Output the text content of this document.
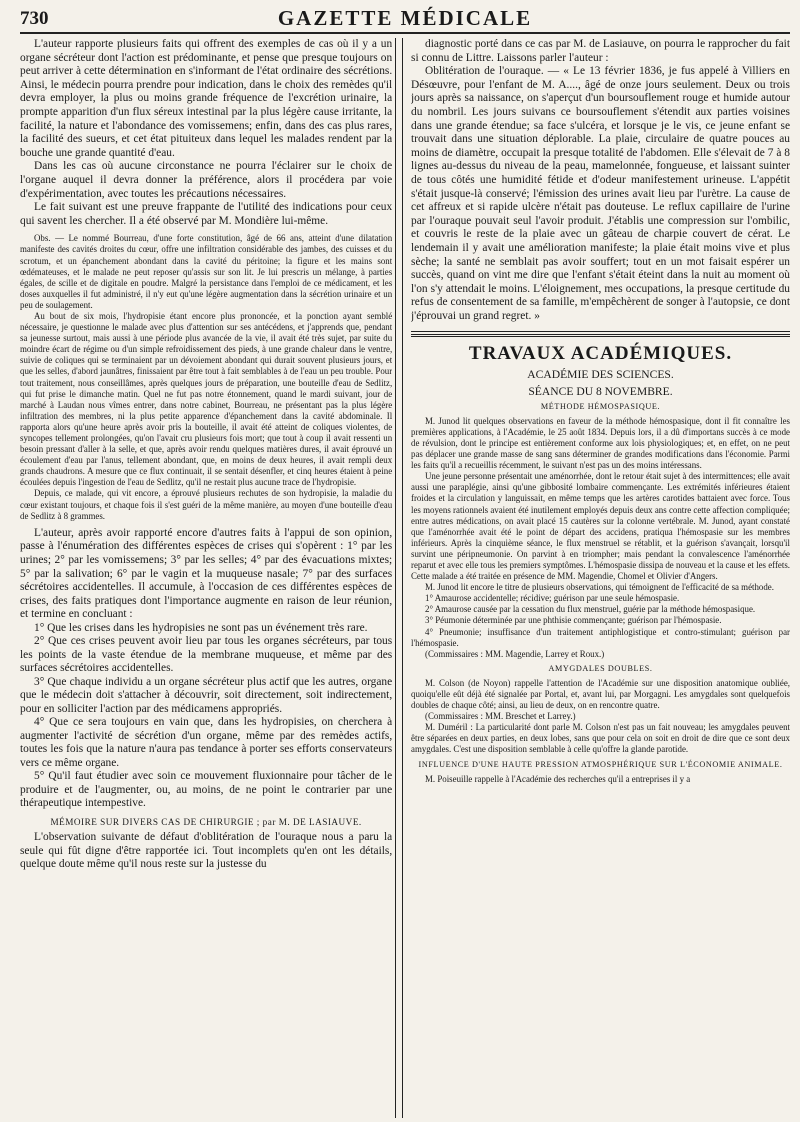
730	GAZETTE MÉDICALE

L'auteur rapporte plusieurs faits qui offrent des exemples de cas où il y a un organe sécréteur dont l'action est prédominante, et pense que presque toujours on peut arriver à cette détermination en s'informant de l'état ordinaire des sécrétions. Ainsi, le médecin pourra prendre pour indication, dans le choix des remèdes qu'il devra employer, la plus ou moins grande fréquence de l'excrétion urinaire, la prompte apparition d'un flux séreux intestinal par la plus légère cause irritante, la facilité, la nature et l'abondance des vomissemens; enfin, dans des cas plus rares, la facilité des sueurs, et cet état pituiteux dans lequel les malades rendent par la bouche une grande quantité d'eau.

Dans les cas où aucune circonstance ne pourra l'éclairer sur le choix de l'organe auquel il devra donner la préférence, alors il procédera par voie d'expérimentation, avec toutes les précautions nécessaires.

Le fait suivant est une preuve frappante de l'utilité des indications pour ceux qui savent les chercher. Il a été observé par M. Mondière lui-même.

Obs. — Le nommé Bourreau, d'une forte constitution, âgé de 66 ans, atteint d'une dilatation manifeste des cavités droites du cœur, offre une infiltration considérable des jambes, des cuisses et du scrotum, et un épanchement abondant dans la cavité du péritoine; la figure et les mains sont œdémateuses, et le malade ne peut reposer qu'assis sur son lit. Je lui prescris un mélange, à parties égales, de scille et de digitale en poudre. Malgré la persistance dans l'emploi de ce médicament, et les doses auxquelles il fut administré, il n'y eut qu'une légère augmentation dans la sécrétion urinaire et un peu de soulagement.

Au bout de six mois, l'hydropisie étant encore plus prononcée, et la ponction ayant semblé nécessaire, je questionne le malade avec plus d'attention sur ses antécédens, et j'apprends que, pendant sa jeunesse surtout, mais aussi à une période plus avancée de la vie, il avait été très sujet, par suite du moindre écart de régime ou d'un simple refroidissement des pieds, à une grande chaleur dans le ventre, suivie de coliques qui se terminaient par un dévoiement abondant qui durait souvent plusieurs jours, et que les selles, d'abord jaunâtres, finissaient par être tout à fait semblables à de l'eau un peu trouble. Pour tout traitement, nous conseillâmes, après quelques jours de préparation, une bouteille d'eau de Sedlitz, qui fut prise le dimanche matin. Quel ne fut pas notre étonnement, quand le mardi suivant, jour de marché à Laudan nous vîmes entrer, dans notre cabinet, Bourreau, ne présentant pas la plus légère infiltration des membres, ni la plus petite apparence d'épanchement dans la cavité abdominale. Il rapporta alors qu'une heure après avoir pris la bouteille, il avait été atteint de coliques violentes, de syncopes tellement prolongées, qu'on l'avait cru plusieurs fois mort; que tout à coup il avait ressenti un besoin pressant d'aller à la selle, et que, après avoir rendu quelques matières dures, il avait éprouvé un écoulement d'eau par l'anus, tellement abondant, que, en moins de deux heures, il avait rempli deux grands chaudrons. A mesure que ce flux continuait, il se sentait désenfler, et cinq heures étaient à peine écoulées depuis l'ingestion de l'eau de Sedlitz, qu'il ne restait plus aucune trace de l'hydropisie.

Depuis, ce malade, qui vit encore, a éprouvé plusieurs rechutes de son hydropisie, la maladie du cœur existant toujours, et chaque fois il s'est guéri de la même manière, au moyen d'une bouteille d'eau de Sedlitz à 8 grammes.

L'auteur, après avoir rapporté encore d'autres faits à l'appui de son opinion, passe à l'énumération des différentes espèces de crises qui s'opèrent : 1° par les urines; 2° par les vomissemens; 3° par les selles; 4° par des évacuations mixtes; 5° par la salivation; 6° par le vagin et la muqueuse nasale; 7° par des surfaces sécrétoires accidentelles. Il accumule, à l'occasion de ces différentes espèces de crises, des faits pratiques dont l'importance augmente en raison de leur réunion, et termine en concluant :

1° Que les crises dans les hydropisies ne sont pas un événement très rare.

2° Que ces crises peuvent avoir lieu par tous les organes sécréteurs, par tous les points de la vaste étendue de la membrane muqueuse, et même par des surfaces sécrétoires accidentelles.

3° Que chaque individu a un organe sécréteur plus actif que les autres, organe que le médecin doit s'attacher à découvrir, soit directement, soit indirectement, pour en solliciter l'action par des médicamens appropriés.

4° Que ce sera toujours en vain que, dans les hydropisies, on cherchera à augmenter l'activité de sécrétion d'un organe, même par des remèdes actifs, toutes les fois que la nature n'aura pas tendance à porter ses efforts conservateurs vers ce même organe.

5° Qu'il faut étudier avec soin ce mouvement fluxionnaire pour tâcher de le produire et de l'augmenter, ou, au moins, de ne point le contrarier par une thérapeutique intempestive.

MÉMOIRE SUR DIVERS CAS DE CHIRURGIE ; par M. DE LASIAUVE.

L'observation suivante de défaut d'oblitération de l'ouraque nous a paru la seule qui fût digne d'être rapportée ici. Tout incomplets qu'en ont les détails, quelque doute même qu'il nous reste sur la justesse du

diagnostic porté dans ce cas par M. de Lasiauve, on pourra le rapprocher du fait si connu de Littre. Laissons parler l'auteur :

Oblitération de l'ouraque. — « Le 13 février 1836, je fus appelé à Villiers en Désœuvre, pour l'enfant de M. A...., âgé de onze jours seulement. Deux ou trois jours après sa naissance, on s'aperçut d'un boursouflement rouge et humide autour du nombril. Les jours suivans ce boursouflement s'étendit aux parties voisines dans une grande étendue; sa face s'ulcéra, et lorsque je le vis, ce jeune enfant se trouvait dans une situation déplorable. La plaie, circulaire de quatre pouces au moins de diamètre, occupait la presque totalité de l'abdomen. Elle s'élevait de 7 à 8 lignes au-dessus du niveau de la peau, mamelonnée, fongueuse, et laissant suinter de tous côtés une humidité fétide et d'odeur manifestement urineuse. L'appétit s'était jusque-là conservé; l'émission des urines avait lieu par l'urètre. La cause de cet affreux et si rapide ulcère n'était pas douteuse. Le reflux capillaire de l'urine par l'ouraque pouvait seul l'avoir produit. J'établis une compression sur l'ombilic, et couvris le reste de la plaie avec un gâteau de charpie couvert de cérat. Le lendemain il y avait une amélioration manifeste; la plaie était moins vive et plus sèche; la santé ne semblait pas avoir souffert; tout en un mot faisait espérer un succès, quand on vint me dire que l'enfant s'était éteint dans la nuit au moment où l'on s'y attendait le moins. L'éloignement, mes occupations, la presque certitude du refus de consentement de sa famille, m'empêchèrent de songer à l'autopsie, ce dont j'éprouvai un grand regret. »

TRAVAUX ACADÉMIQUES.
ACADÉMIE DES SCIENCES.
SÉANCE DU 8 NOVEMBRE.
MÉTHODE HÉMOSPASIQUE.

M. Junod lit quelques observations en faveur de la méthode hémospasique, dont il fit connaître les premières applications, à l'Académie, le 25 août 1834. Depuis lors, il a dû d'importans succès à ce mode de révulsion, dont le principe est entièrement conforme aux lois physiologiques; et, en effet, on ne peut pas déplacer une grande masse de sang sans déterminer de grandes modifications dans l'économie. Parmi les faits qu'il a recueillis récemment, le suivant n'est pas un des moins intéressans.

Une jeune personne présentait une aménorrhée, dont le retour était sujet à des intermittences; elle avait aussi une paraplégie, ainsi qu'une gibbosité lombaire commençante. Les extrémités inférieures étaient froides et la circulation y languissait, en même temps que les artères carotides battaient avec force. Tous les moyens rationnels avaient été inutilement employés depuis deux ans contre cette affection compliquée; entre autres médications, on avait placé 15 cautères sur la colonne vertébrale. M. Junod, ayant constaté que l'aménorrhée avait été le point de départ des accidens, pratiqua l'hémospasie sur les membres inférieurs. Après la cinquième séance, le flux menstruel se rétablit, et la guérison s'avançait, lorsqu'il survint une péripneumonie. On parvint à en triompher; mais pendant la convalescence l'aménorrhée reparut et avec elle tous les premiers symptômes. L'hémospasie dissipa de nouveau et la cause et les effets. Cette malade a été traitée en présence de MM. Magendie, Chomel et Olivier d'Angers.

M. Junod lit encore le titre de plusieurs observations, qui témoignent de l'efficacité de sa méthode.

1° Amaurose accidentelle; récidive; guérison par une seule hémospasie.

2° Amaurose causée par la cessation du flux menstruel, guérie par la méthode hémospasique.

3° Péumonie déterminée par une phthisie commençante; guérison par l'hémospasie.

4° Pneumonie; insuffisance d'un traitement antiphlogistique et contro-stimulant; guérison par l'hémospasie.

(Commissaires : MM. Magendie, Larrey et Roux.)

AMYGDALES DOUBLES.

M. Colson (de Noyon) rappelle l'attention de l'Académie sur une disposition anatomique oubliée, quoiqu'elle eût déjà été signalée par Portal, et, avant lui, par Morgagni. Les amygdales sont quelquefois doubles de chaque côté; ainsi, au lieu de deux, on en rencontre quatre.

(Commissaires : MM. Breschet et Larrey.)

M. Duméril : La particularité dont parle M. Colson n'est pas un fait nouveau; les amygdales peuvent être séparées en deux parties, en deux lobes, sans que pour cela on soit en droit de dire que ce sont deux amygdales. C'est une disposition semblable à celle qu'offre la glande parotide.

INFLUENCE D'UNE HAUTE PRESSION ATMOSPHÉRIQUE SUR L'ÉCONOMIE ANIMALE.

M. Poiseuille rappelle à l'Académie des recherches qu'il a entreprises il y a
